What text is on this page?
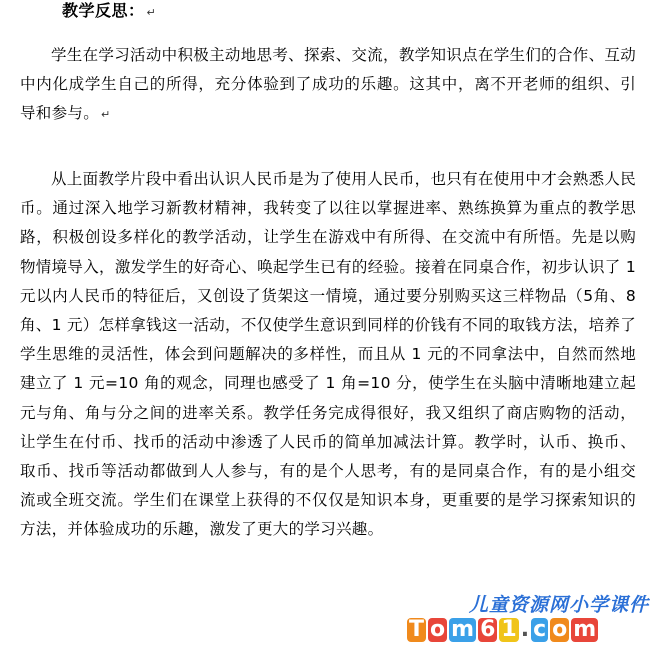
教学反思： ↵

学生在学习活动中积极主动地思考、探索、交流，教学知识点在学生们的合作、互动中内化成学生自己的所得，充分体验到了成功的乐趣。这其中，离不开老师的组织、引导和参与。 ↵

从上面教学片段中看出认识人民币是为了使用人民币，也只有在使用中才会熟悉人民币。通过深入地学习新教材精神，我转变了以往以掌握进率、熟练换算为重点的教学思路，积极创设多样化的教学活动，让学生在游戏中有所得、在交流中有所悟。先是以购物情境导入，激发学生的好奇心、唤起学生已有的经验。接着在同桌合作，初步认识了 1 元以内人民币的特征后，又创设了货架这一情境，通过要分别购买这三样物品（5角、8 角、1 元）怎样拿钱这一活动，不仅使学生意识到同样的价钱有不同的取钱方法，培养了学生思维的灵活性，体会到问题解决的多样性，而且从 1 元的不同拿法中，自然而然地建立了 1 元=10 角的观念，同理也感受了 1 角=10 分，使学生在头脑中清晰地建立起元与角、角与分之间的进率关系。教学任务完成得很好，我又组织了商店购物的活动，让学生在付币、找币的活动中渗透了人民币的简单加减法计算。教学时，认币、换币、取币、找币等活动都做到人人参与，有的是个人思考，有的是同桌合作，有的是小组交流或全班交流。学生们在课堂上获得的不仅仅是知识本身，更重要的是学习探索知识的方法，并体验成功的乐趣，激发了更大的学习兴趣。

儿童资源网小学课件
T o m 6 1 . c o m
